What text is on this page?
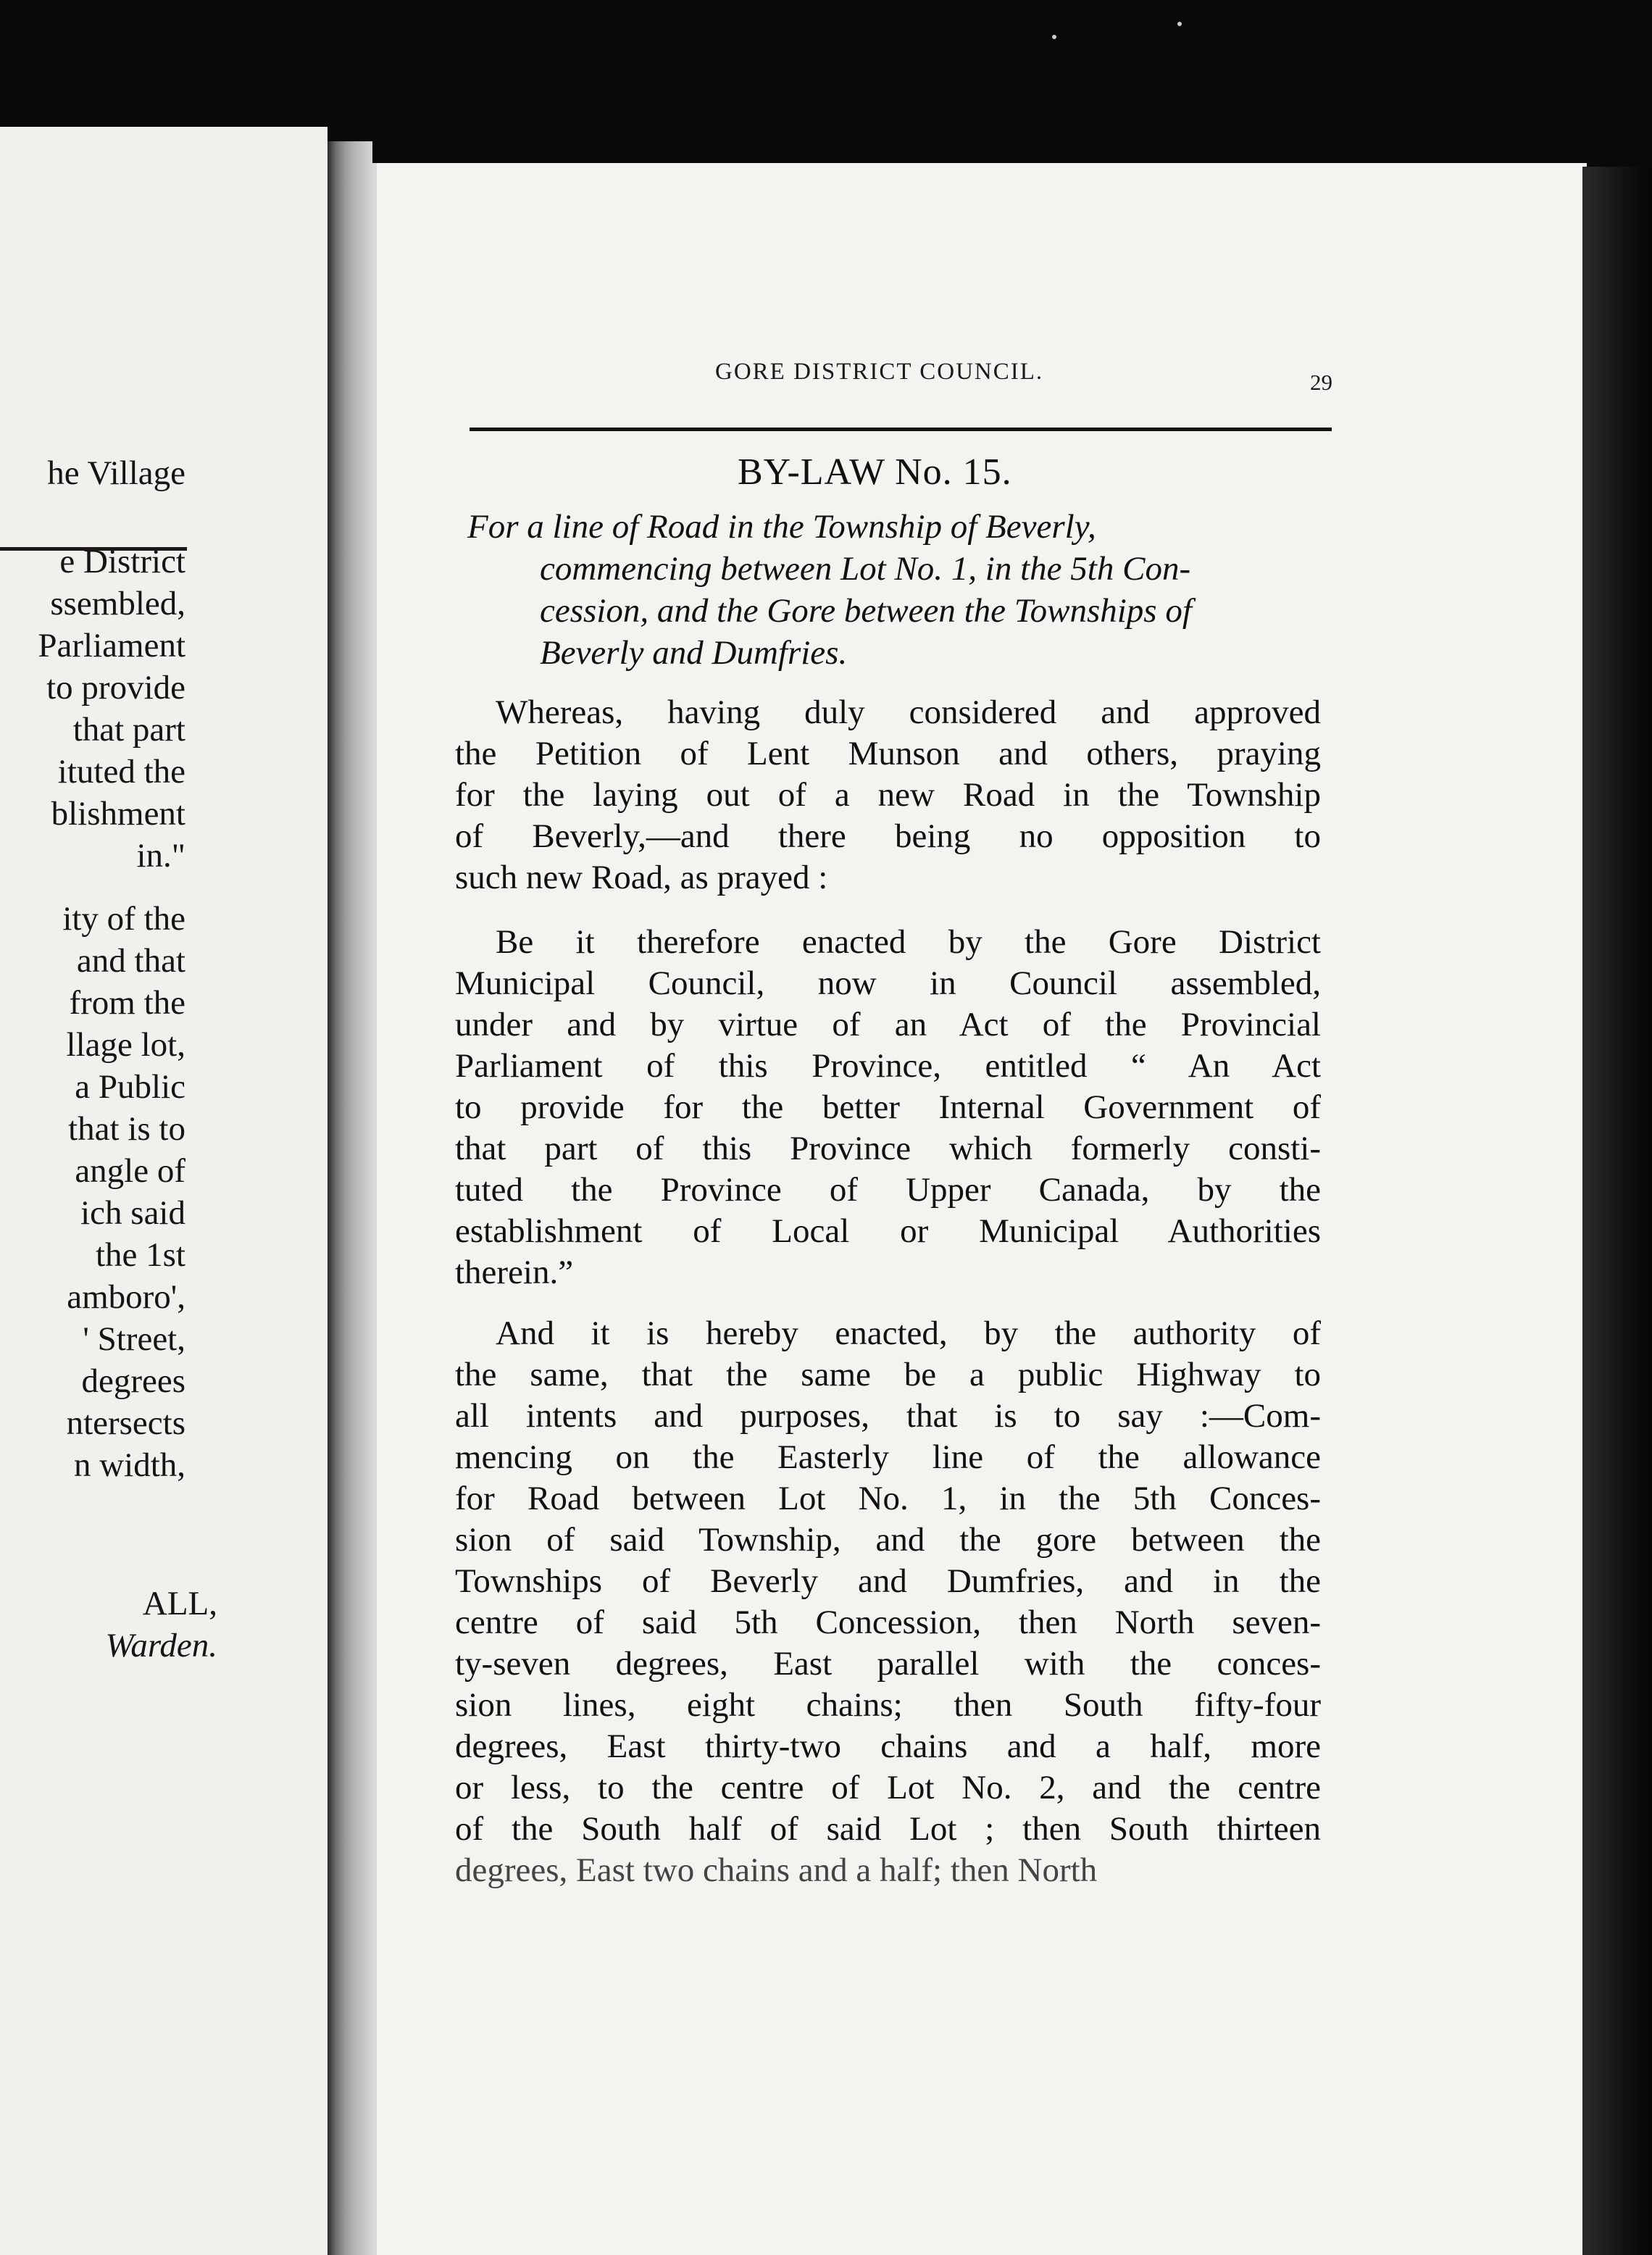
he Village
e District
ssembled,
Parliament
to provide
that part
ituted the
blishment
in."
ity of the
and that
from the
llage lot,
a Public
that is to
angle of
ich said
the 1st
amboro',
' Street,
degrees
ntersects
n width,
ALL,
Warden.
GORE DISTRICT COUNCIL.	29
BY-LAW No. 15.
For a line of Road in the Township of Beverly,
commencing between Lot No. 1, in the 5th Con-
cession, and the Gore between the Townships of
Beverly and Dumfries.
Whereas, having duly considered and approved
the Petition of Lent Munson and others, praying
for the laying out of a new Road in the Township
of Beverly,—and there being no opposition to
such new Road, as prayed :
Be it therefore enacted by the Gore District
Municipal Council, now in Council assembled,
under and by virtue of an Act of the Provincial
Parliament of this Province, entitled “ An Act
to provide for the better Internal Government of
that part of this Province which formerly consti-
tuted the Province of Upper Canada, by the
establishment of Local or Municipal Authorities
therein.”
And it is hereby enacted, by the authority of
the same, that the same be a public Highway to
all intents and purposes, that is to say :—Com-
mencing on the Easterly line of the allowance
for Road between Lot No. 1, in the 5th Conces-
sion of said Township, and the gore between the
Townships of Beverly and Dumfries, and in the
centre of said 5th Concession, then North seven-
ty-seven degrees, East parallel with the conces-
sion lines, eight chains; then South fifty-four
degrees, East thirty-two chains and a half, more
or less, to the centre of Lot No. 2, and the centre
of the South half of said Lot ; then South thirteen
degrees, East two chains and a half; then North
